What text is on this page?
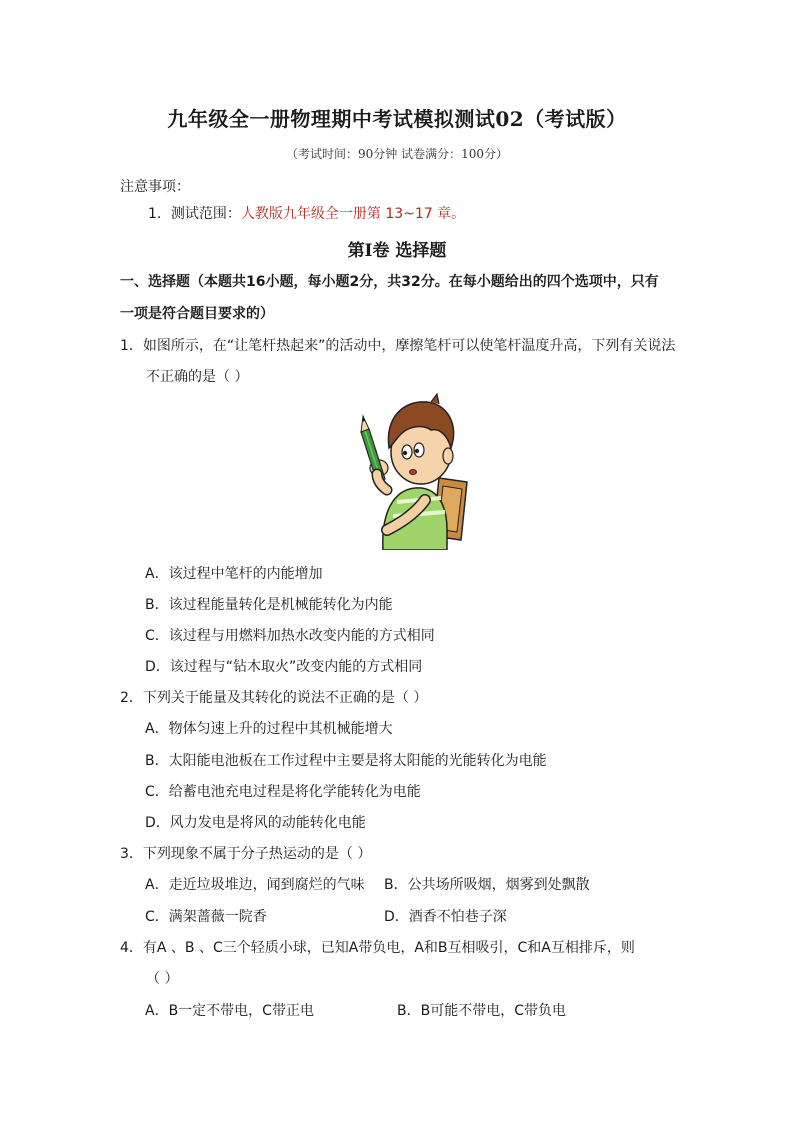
九年级全一册物理期中考试模拟测试02（考试版）
（考试时间：90分钟 试卷满分：100分）
注意事项：
1．测试范围：人教版九年级全一册第 13~17 章。
第Ⅰ卷 选择题
一、选择题（本题共16小题，每小题2分，共32分。在每小题给出的四个选项中，只有
一项是符合题目要求的）
1．如图所示，在“让笔杆热起来”的活动中，摩擦笔杆可以使笔杆温度升高，下列有关说法
不正确的是（ ）
A．该过程中笔杆的内能增加
B．该过程能量转化是机械能转化为内能
C．该过程与用燃料加热水改变内能的方式相同
D．该过程与“钻木取火”改变内能的方式相同
2．下列关于能量及其转化的说法不正确的是（ ）
A．物体匀速上升的过程中其机械能增大
B．太阳能电池板在工作过程中主要是将太阳能的光能转化为电能
C．给蓄电池充电过程是将化学能转化为电能
D．风力发电是将风的动能转化电能
3．下列现象不属于分子热运动的是（ ）
A．走近垃圾堆边，闻到腐烂的气味 B．公共场所吸烟，烟雾到处飘散
C．满架蔷薇一院香	D．酒香不怕巷子深
4．有A 、B 、C三个轻质小球，已知A带负电，A和B互相吸引，C和A互相排斥，则
（ ）
A．B一定不带电，C带正电	B．B可能不带电，C带负电
